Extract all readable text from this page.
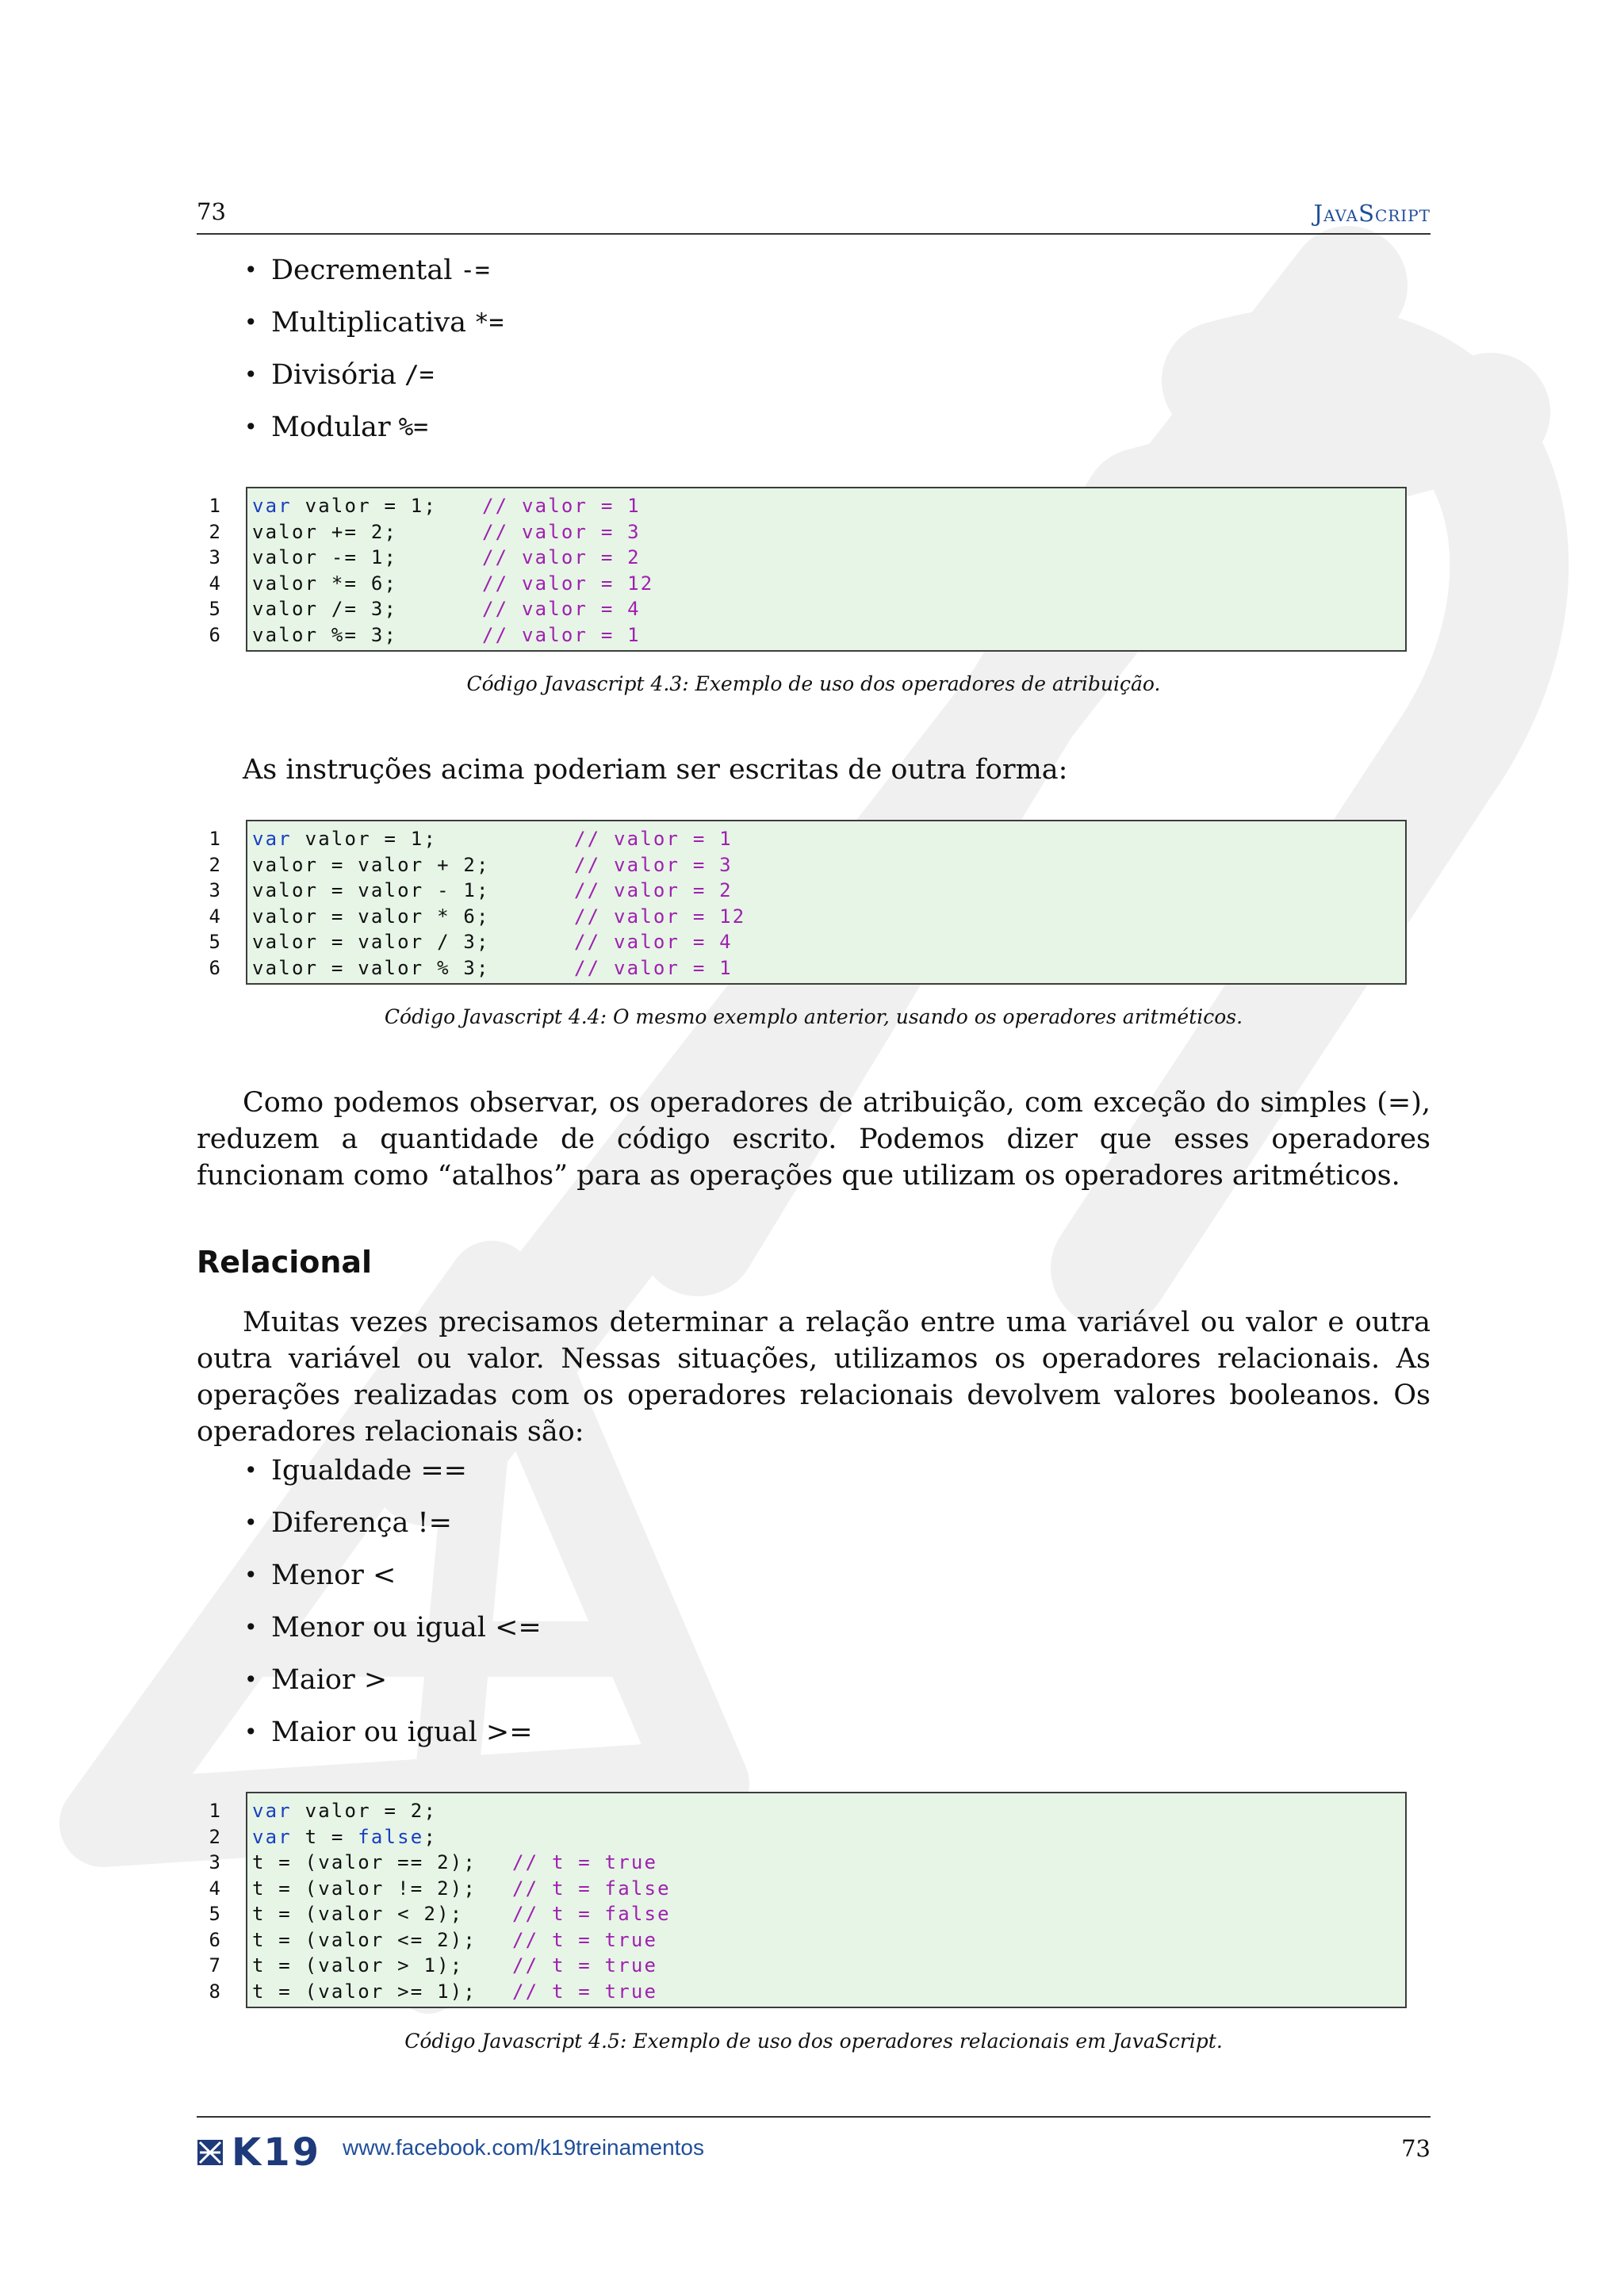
73	JavaScript
• Decremental -=
• Multiplicativa *=
• Divisória /=
• Modular %=
1
2
3
4
5
6
var valor = 1; // valor = 1
valor += 2;	// valor = 3
valor -= 1;	// valor = 2
valor *= 6;	// valor = 12
valor /= 3;	// valor = 4
valor %= 3;	// valor = 1
Código Javascript 4.3: Exemplo de uso dos operadores de atribuição.

As instruções acima poderiam ser escritas de outra forma:

1
2
3
4
5
6
var valor = 1;	// valor = 1
valor = valor + 2;	// valor = 3
valor = valor - 1;	// valor = 2
valor = valor * 6;	// valor = 12
valor = valor / 3;	// valor = 4
valor = valor % 3;	// valor = 1
Código Javascript 4.4: O mesmo exemplo anterior, usando os operadores aritméticos.

Como podemos observar, os operadores de atribuição, com exceção do simples (=), reduzem a quantidade de código escrito. Podemos dizer que esses operadores funcionam como “atalhos” para as operações que utilizam os operadores aritméticos.

Relacional

Muitas vezes precisamos determinar a relação entre uma variável ou valor e outra outra variável ou valor. Nessas situações, utilizamos os operadores relacionais. As operações realizadas com os operadores relacionais devolvem valores booleanos. Os operadores relacionais são:

• Igualdade ==
• Diferença !=
• Menor <
• Menor ou igual <=
• Maior >
• Maior ou igual >=
1
2
3
4
5
6
7
8
var valor = 2;
var t = false;
t = (valor == 2); // t = true
t = (valor != 2); // t = false
t = (valor < 2);	// t = false
t = (valor <= 2); // t = true
t = (valor > 1);	// t = true
t = (valor >= 1); // t = true
Código Javascript 4.5: Exemplo de uso dos operadores relacionais em JavaScript.
K19 www.facebook.com/k19treinamentos	73
